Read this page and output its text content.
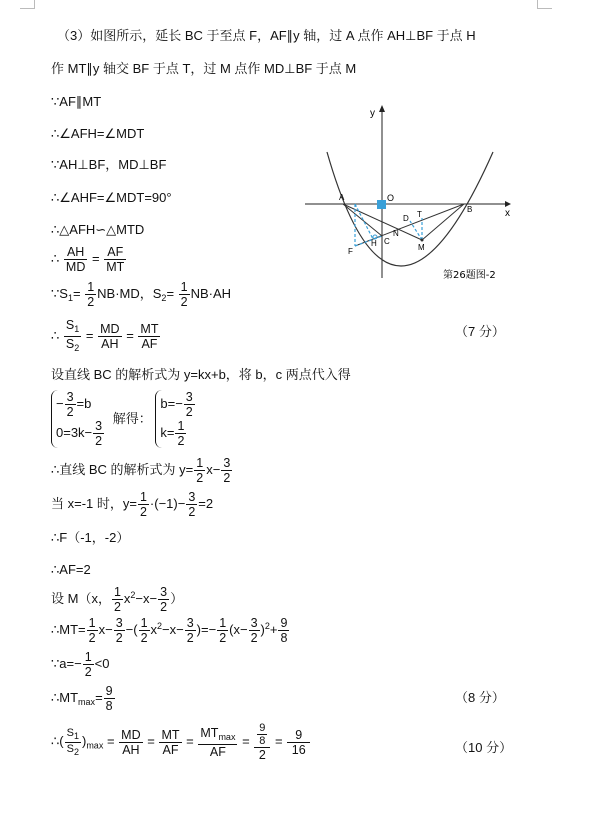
（3）如图所示，延长 BC 于至点 F，AF∥y 轴，过 A 点作 AH⊥BF 于点 H
作 MT∥y 轴交 BF 于点 T，过 M 点作 MD⊥BF 于点 M
∵AF∥MT
∴∠AFH=∠MDT
∵AH⊥BF，MD⊥BF
∴∠AHF=∠MDT=90°
∴△AFH∽△MTD
∴ $\frac{AH}{MD} = \frac{AF}{MT}$
$\because S_1= \frac{1}{2} NB\cdot MD$，$S_2= \frac{1}{2} NB\cdot AH$
∴ $\frac{S_1}{S_2} = \frac{MD}{AH} = \frac{MT}{AF}$	（7 分）
设直线 BC 的解析式为 y=kx+b，将 b，c 两点代入得
− $\frac{3}{2} =b$
$0=3k- \frac{3}{2}$
解得：
$b=- \frac{3}{2}$
$k= \frac{1}{2}$
∴直线 BC 的解析式为 $y= \frac{1}{2} x- \frac{3}{2}$
当 x=-1 时，$y= \frac{1}{2} \cdot(-1)- \frac{3}{2} =2$
∴F（-1，-2）
∴AF=2
设 M（x， $\frac{1}{2} x^2-x- \frac{3}{2}$ ）
∴MT= $\frac{1}{2} x- \frac{3}{2}$ −( $\frac{1}{2} x^2-x- \frac{3}{2}$ )=− $\frac{1}{2} (x- \frac{3}{2} )^2+ \frac{9}{8}$
∵a=− $\frac{1}{2} <0$
$\therefore MT_{max}= \frac{9}{8}$	（8 分）
∴( $\frac{S_1}{S_2} )_{max} = \frac{MD}{AH} = \frac{MT}{AF} = \frac{MT_{max}}{AF} = \frac{\frac{9}{8}}{2} = \frac{9}{16}$	（10 分）
y
x
O
A
B
C
D T
N
H
F	M
第26题图-2
